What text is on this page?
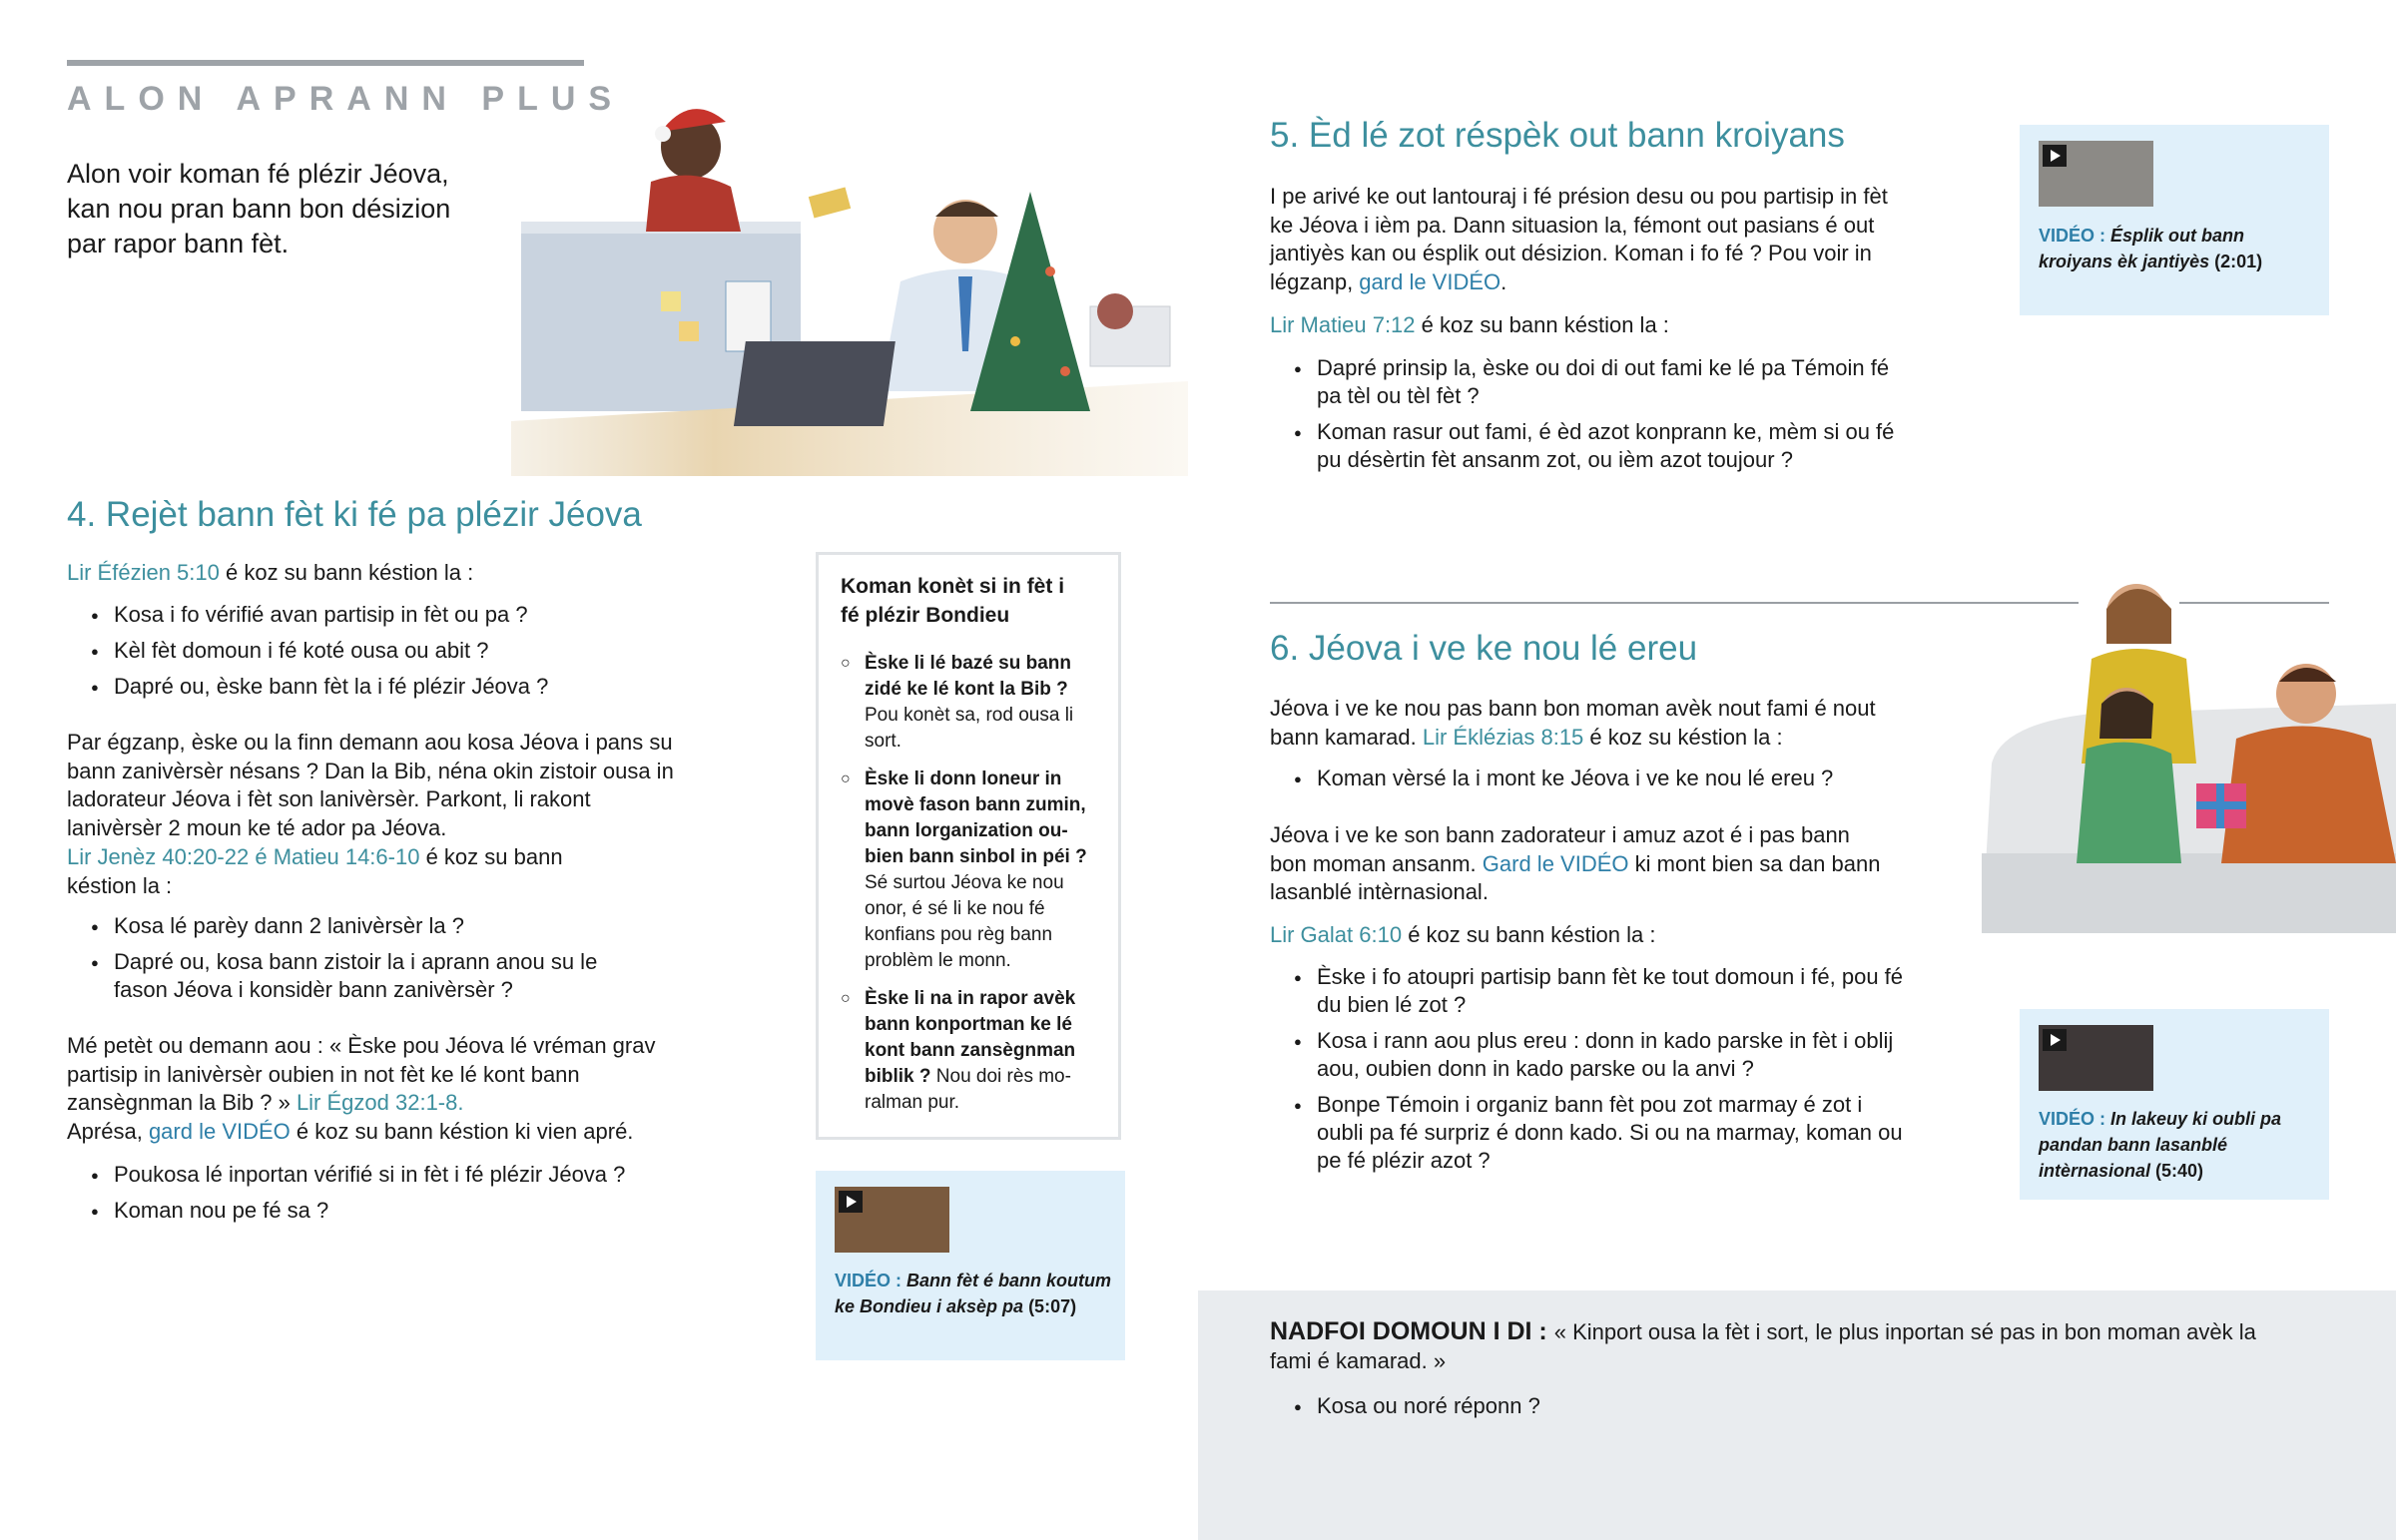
ALON APRANN PLUS

Alon voir koman fé plézir Jéova, kan nou pran bann bon désizion par rapor bann fèt.

4. Rejèt bann fèt ki fé pa plézir Jéova

Lir Éfézien 5:10 é koz su bann késtion la :

● Kosa i fo vérifié avan partisip in fèt ou pa ?
● Kèl fèt domoun i fé koté ousa ou abit ?
● Dapré ou, èske bann fèt la i fé plézir Jéova ?

Par égzanp, èske ou la finn demann aou kosa Jéova i pans su bann zanivèrsèr nésans ? Dan la Bib, néna okin zistoir ousa in ladorateur Jéova i fèt son lanivèrsèr. Parkont, li rakont lanivèrsèr 2 moun ke té ador pa Jéova.

Lir Jenèz 40:20-22 é Matieu 14:6-10 é koz su bann késtion la :

● Kosa lé parèy dann 2 lanivèrsèr la ?
● Dapré ou, kosa bann zistoir la i aprann anou su le fason Jéova i konsidèr bann zanivèrsèr ?

Mé petèt ou demann aou : « Èske pou Jéova lé vréman grav partisip in lanivèrsèr oubien in not fèt ke lé kont bann zansègnman la Bib ? » Lir Égzod 32:1-8.
Aprésa, gard le VIDÉO é koz su bann késtion ki vien apré.

● Poukosa lé inportan vérifié si in fèt i fé plézir Jéova ?
● Koman nou pe fé sa ?
Koman konèt si in fèt i fé plézir Bondieu
○ Èske li lé bazé su bann zidé ke lé kont la Bib ? Pou konèt sa, rod ousa li sort.
○ Èske li donn loneur in movè fason bann zumin, bann lorganization ou-bien bann sinbol in péi ? Sé surtou Jéova ke nou onor, é sé li ke nou fé konfians pou règ bann problèm le monn.
○ Èske li na in rapor avèk bann konportman ke lé kont bann zansègnman biblik ? Nou doi rès mo-ralman pur.
VIDÉO : Bann fèt é bann koutum ke Bondieu i aksèp pa (5:07)
5. Èd lé zot réspèk out bann kroiyans

I pe arivé ke out lantouraj i fé présion desu ou pou partisip in fèt ke Jéova i ièm pa. Dann situasion la, fémont out pasians é out jantiyès kan ou ésplik out désizion. Koman i fo fé ? Pou voir in légzanp, gard le VIDÉO.

Lir Matieu 7:12 é koz su bann késtion la :

● Dapré prinsip la, èske ou doi di out fami ke lé pa Témoin fé pa tèl ou tèl fèt ?
● Koman rasur out fami, é èd azot konprann ke, mèm si ou fé pu désèrtin fèt ansanm zot, ou ièm azot toujour ?
VIDÉO : Ésplik out bann kroiyans èk jantiyès (2:01)
6. Jéova i ve ke nou lé ereu

Jéova i ve ke nou pas bann bon moman avèk nout fami é nout bann kamarad. Lir Éklézias 8:15 é koz su késtion la :

● Koman vèrsé la i mont ke Jéova i ve ke nou lé ereu ?

Jéova i ve ke son bann zadorateur i amuz azot é i pas bann bon moman ansanm. Gard le VIDÉO ki mont bien sa dan bann lasanblé intèrnasional.

Lir Galat 6:10 é koz su bann késtion la :

● Èske i fo atoupri partisip bann fèt ke tout domoun i fé, pou fé du bien lé zot ?
● Kosa i rann aou plus ereu : donn in kado parske in fèt i oblij aou, oubien donn in kado parske ou la anvi ?
● Bonpe Témoin i organiz bann fèt pou zot marmay é zot i oubli pa fé surpriz é donn kado. Si ou na marmay, koman ou pe fé plézir azot ?
VIDÉO : In lakeuy ki oubli pa pandan bann lasanblé intèrnasional (5:40)

NADFOI DOMOUN I DI : « Kinport ousa la fèt i sort, le plus inportan sé pas in bon moman avèk la fami é kamarad. »

● Kosa ou noré réponn ?
